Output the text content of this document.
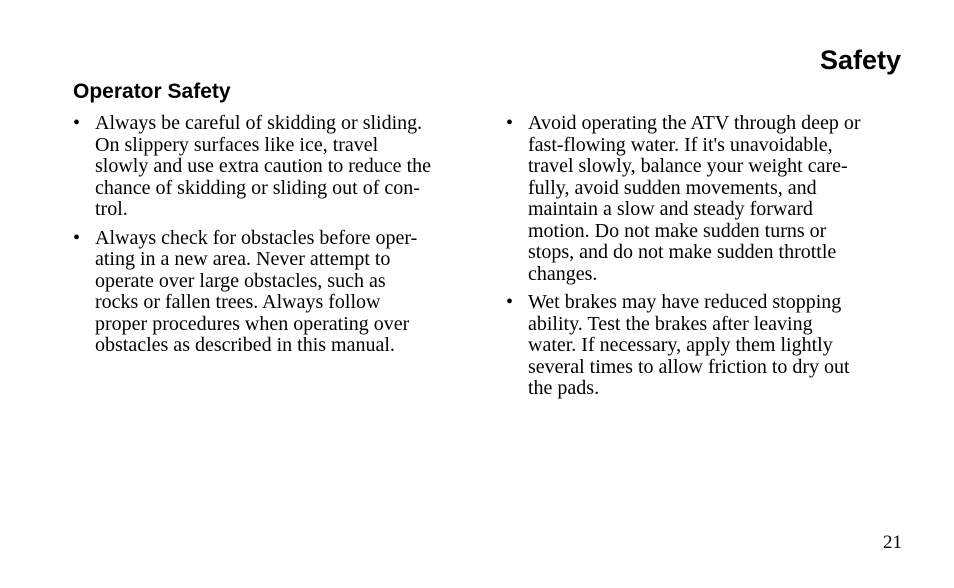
Safety
Operator Safety
• Always be careful of skidding or sliding.
On slippery surfaces like ice, travel
slowly and use extra caution to reduce the
chance of skidding or sliding out of con-
trol.
• Always check for obstacles before oper-
ating in a new area. Never attempt to
operate over large obstacles, such as
rocks or fallen trees. Always follow
proper procedures when operating over
obstacles as described in this manual.
• Avoid operating the ATV through deep or
fast-flowing water. If it's unavoidable,
travel slowly, balance your weight care-
fully, avoid sudden movements, and
maintain a slow and steady forward
motion. Do not make sudden turns or
stops, and do not make sudden throttle
changes.
• Wet brakes may have reduced stopping
ability. Test the brakes after leaving
water. If necessary, apply them lightly
several times to allow friction to dry out
the pads.

21
